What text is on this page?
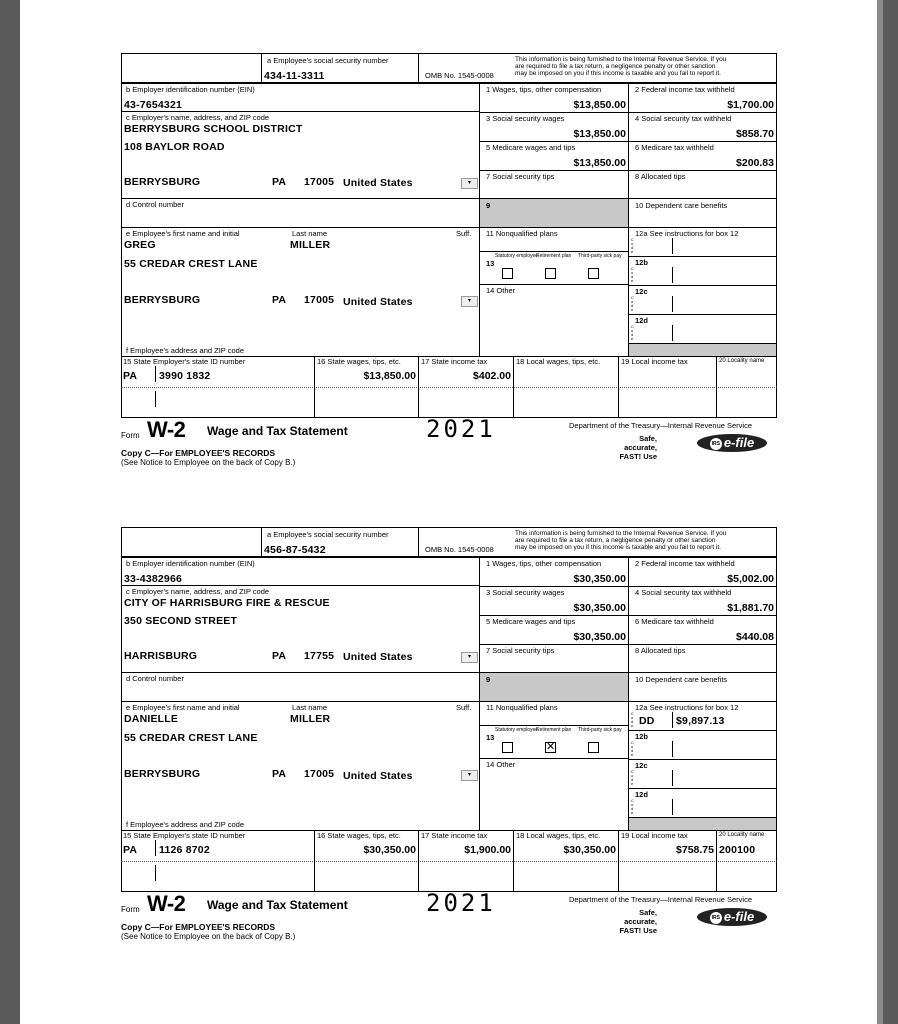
a Employee's social security number
434-11-3311	OMB No. 1545-0008
This information is being furnished to the Internal Revenue Service. If you
are required to file a tax return, a negligence penalty or other sanction
may be imposed on you if this income is taxable and you fail to report it.
b Employer identification number (EIN)
43-7654321
c Employer's name, address, and ZIP code
BERRYSBURG SCHOOL DISTRICT
108 BAYLOR ROAD
BERRYSBURG	PA 17005 United States	▾
d Control number
e Employee's first name and initial	Last name	Suff.
GREG	MILLER
55 CREDAR CREST LANE
BERRYSBURG	PA 17005 United States	▾
f Employee's address and ZIP code
1 Wages, tips, other compensation
$13,850.00
3 Social security wages
$13,850.00
5 Medicare wages and tips
$13,850.00
7 Social security tips
9
11 Nonqualified plans
13
Statutory employee
Retirement plan Third-party sick pay
14 Other
2 Federal income tax withheld
$1,700.00
4 Social security tax withheld
$858.70
6 Medicare tax withheld
$200.83
8 Allocated tips
10 Dependent care benefits
12a See instructions for box 12
Code
12b
Code
12c
Code
12d
Code
15 State Employer's state ID number
PA 3990 1832
16 State wages, tips, etc.
$13,850.00
17 State income tax
$402.00
18 Local wages, tips, etc.	19 Local income tax	20 Locality name
Form W-2 Wage and Tax Statement	2021
Copy C—For EMPLOYEE'S RECORDS
(See Notice to Employee on the back of Copy B.)
Department of the Treasury—Internal Revenue Service
Safe, accurate,
FAST! Use
IRS e-file
a Employee's social security number
456-87-5432	OMB No. 1545-0008
This information is being furnished to the Internal Revenue Service. If you
are required to file a tax return, a negligence penalty or other sanction
may be imposed on you if this income is taxable and you fail to report it.
b Employer identification number (EIN)
33-4382966
c Employer's name, address, and ZIP code
CITY OF HARRISBURG FIRE & RESCUE
350 SECOND STREET
HARRISBURG	PA 17755 United States	▾
d Control number
e Employee's first name and initial	Last name	Suff.
DANIELLE	MILLER
55 CREDAR CREST LANE
BERRYSBURG	PA 17005 United States	▾
f Employee's address and ZIP code
1 Wages, tips, other compensation
$30,350.00
3 Social security wages
$30,350.00
5 Medicare wages and tips
$30,350.00
7 Social security tips
9
11 Nonqualified plans
13
Statutory employee
Retirement plan Third-party sick pay
✕
14 Other
2 Federal income tax withheld
$5,002.00
4 Social security tax withheld
$1,881.70
6 Medicare tax withheld
$440.08
8 Allocated tips
10 Dependent care benefits
12a See instructions for box 12
Code DD $9,897.13
12b
Code
12c
Code
12d
Code
15 State Employer's state ID number
PA 1126 8702
16 State wages, tips, etc.
$30,350.00
17 State income tax
$1,900.00
18 Local wages, tips, etc.
$30,350.00
19 Local income tax
$758.75
20 Locality name
200100
Form W-2 Wage and Tax Statement	2021
Copy C—For EMPLOYEE'S RECORDS
(See Notice to Employee on the back of Copy B.)
Department of the Treasury—Internal Revenue Service
Safe, accurate,
FAST! Use
IRS e-file
